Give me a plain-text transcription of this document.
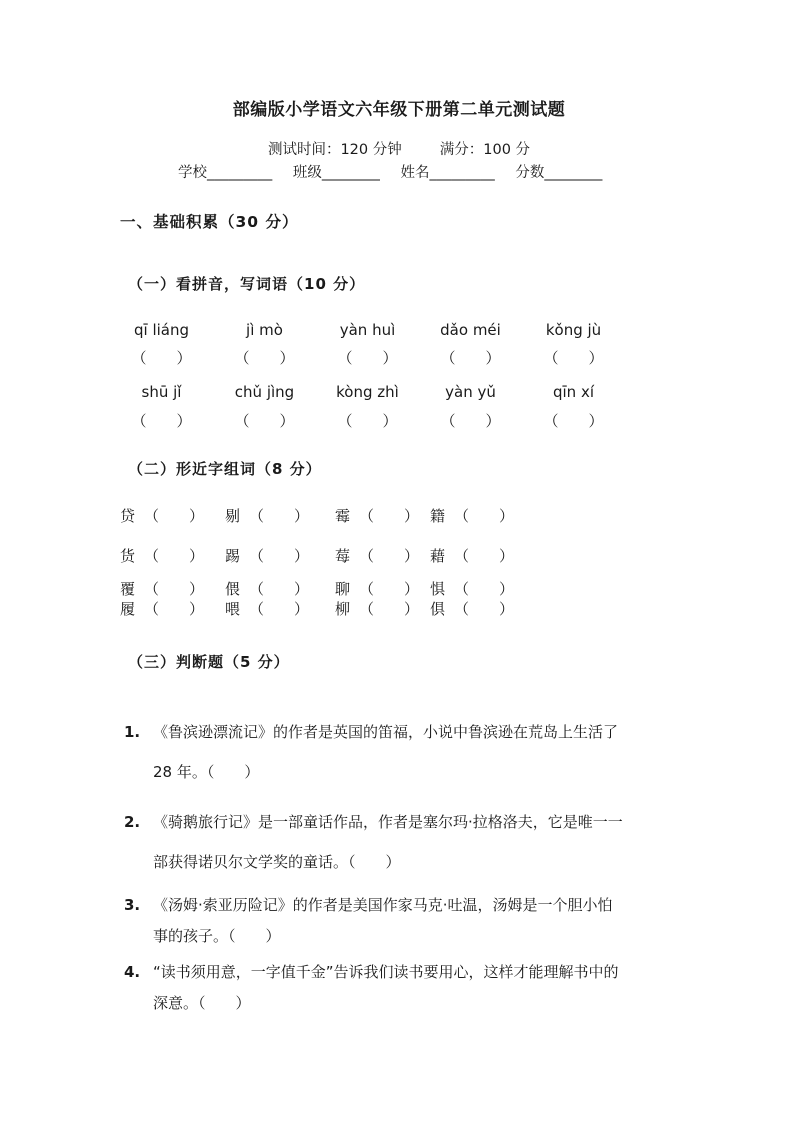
部编版小学语文六年级下册第二单元测试题
测试时间：120 分钟	满分：100 分
学校_________ 班级________ 姓名_________ 分数________
一、基础积累（30 分）
（一）看拼音，写词语（10 分）
qī liáng	jì mò	yàn huì	dǎo méi	kǒng jù
（　　）	（　　）	（　　）	（　　）	（　　）
shū jǐ	chǔ jìng	kòng zhì	yàn yǔ	qīn xí
（　　）	（　　）	（　　）	（　　）	（　　）
（二）形近字组词（8 分）
贷 （　　）	剔 （　　）	霉 （　　） 籍 （　　）
货 （　　）	踢 （　　）	莓 （　　） 藉 （　　）
覆 （　　）	偎 （　　）	聊 （　　） 惧 （　　）
履 （　　）	喂 （　　）	柳 （　　） 俱 （　　）
（三）判断题（5 分）
1. 《鲁滨逊漂流记》的作者是英国的笛福，小说中鲁滨逊在荒岛上生活了
28 年。（　　）
2. 《骑鹅旅行记》是一部童话作品，作者是塞尔玛·拉格洛夫，它是唯一一
部获得诺贝尔文学奖的童话。（　　）
3. 《汤姆·索亚历险记》的作者是美国作家马克·吐温，汤姆是一个胆小怕
事的孩子。（　　）
4. “读书须用意，一字值千金”告诉我们读书要用心，这样才能理解书中的
深意。（　　）
